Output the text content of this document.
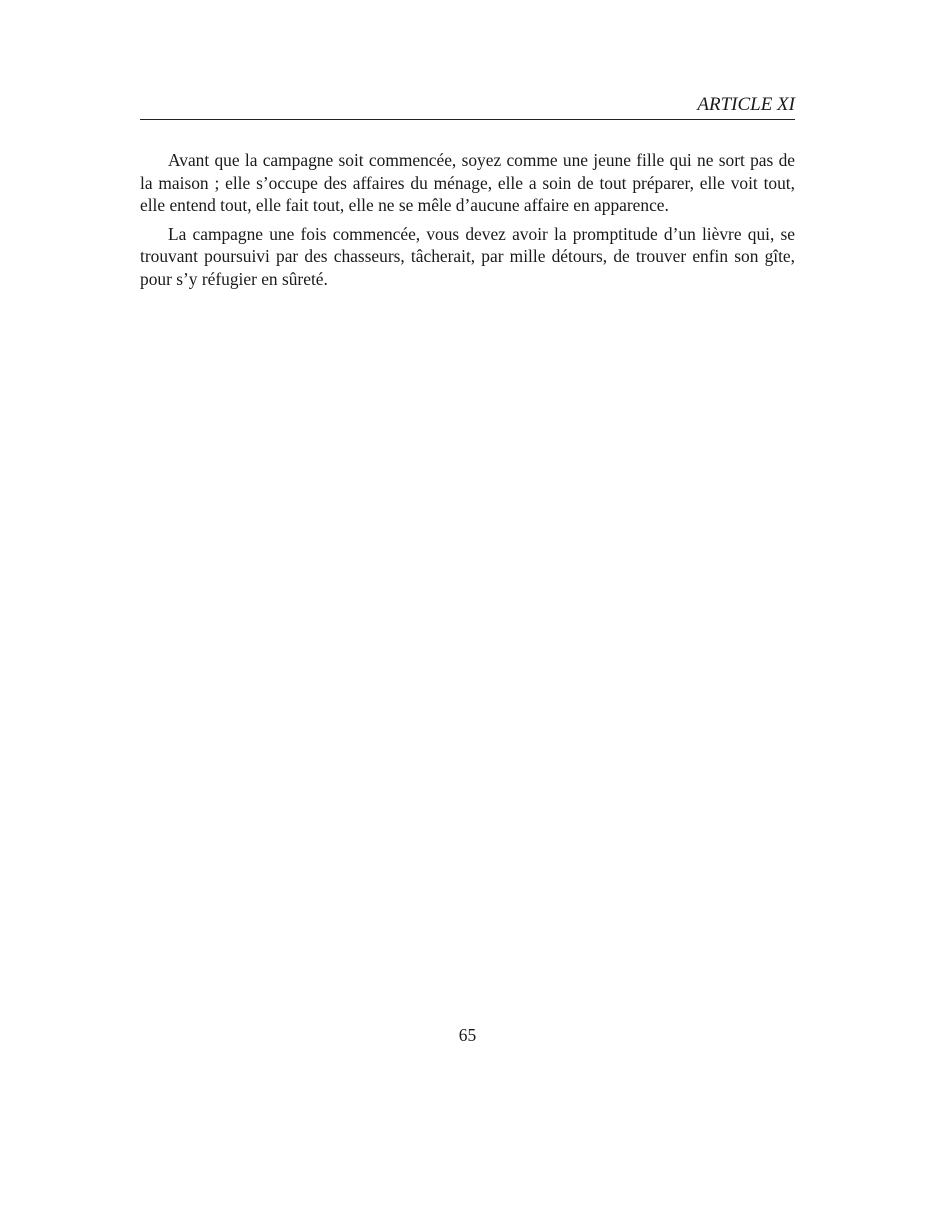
ARTICLE XI

Avant que la campagne soit commencée, soyez comme une jeune fille qui ne sort pas de la maison ; elle s’occupe des affaires du ménage, elle a soin de tout préparer, elle voit tout, elle entend tout, elle fait tout, elle ne se mêle d’aucune affaire en apparence.

La campagne une fois commencée, vous devez avoir la promptitude d’un lièvre qui, se trouvant poursuivi par des chasseurs, tâcherait, par mille détours, de trouver enfin son gîte, pour s’y réfugier en sûreté.

65
